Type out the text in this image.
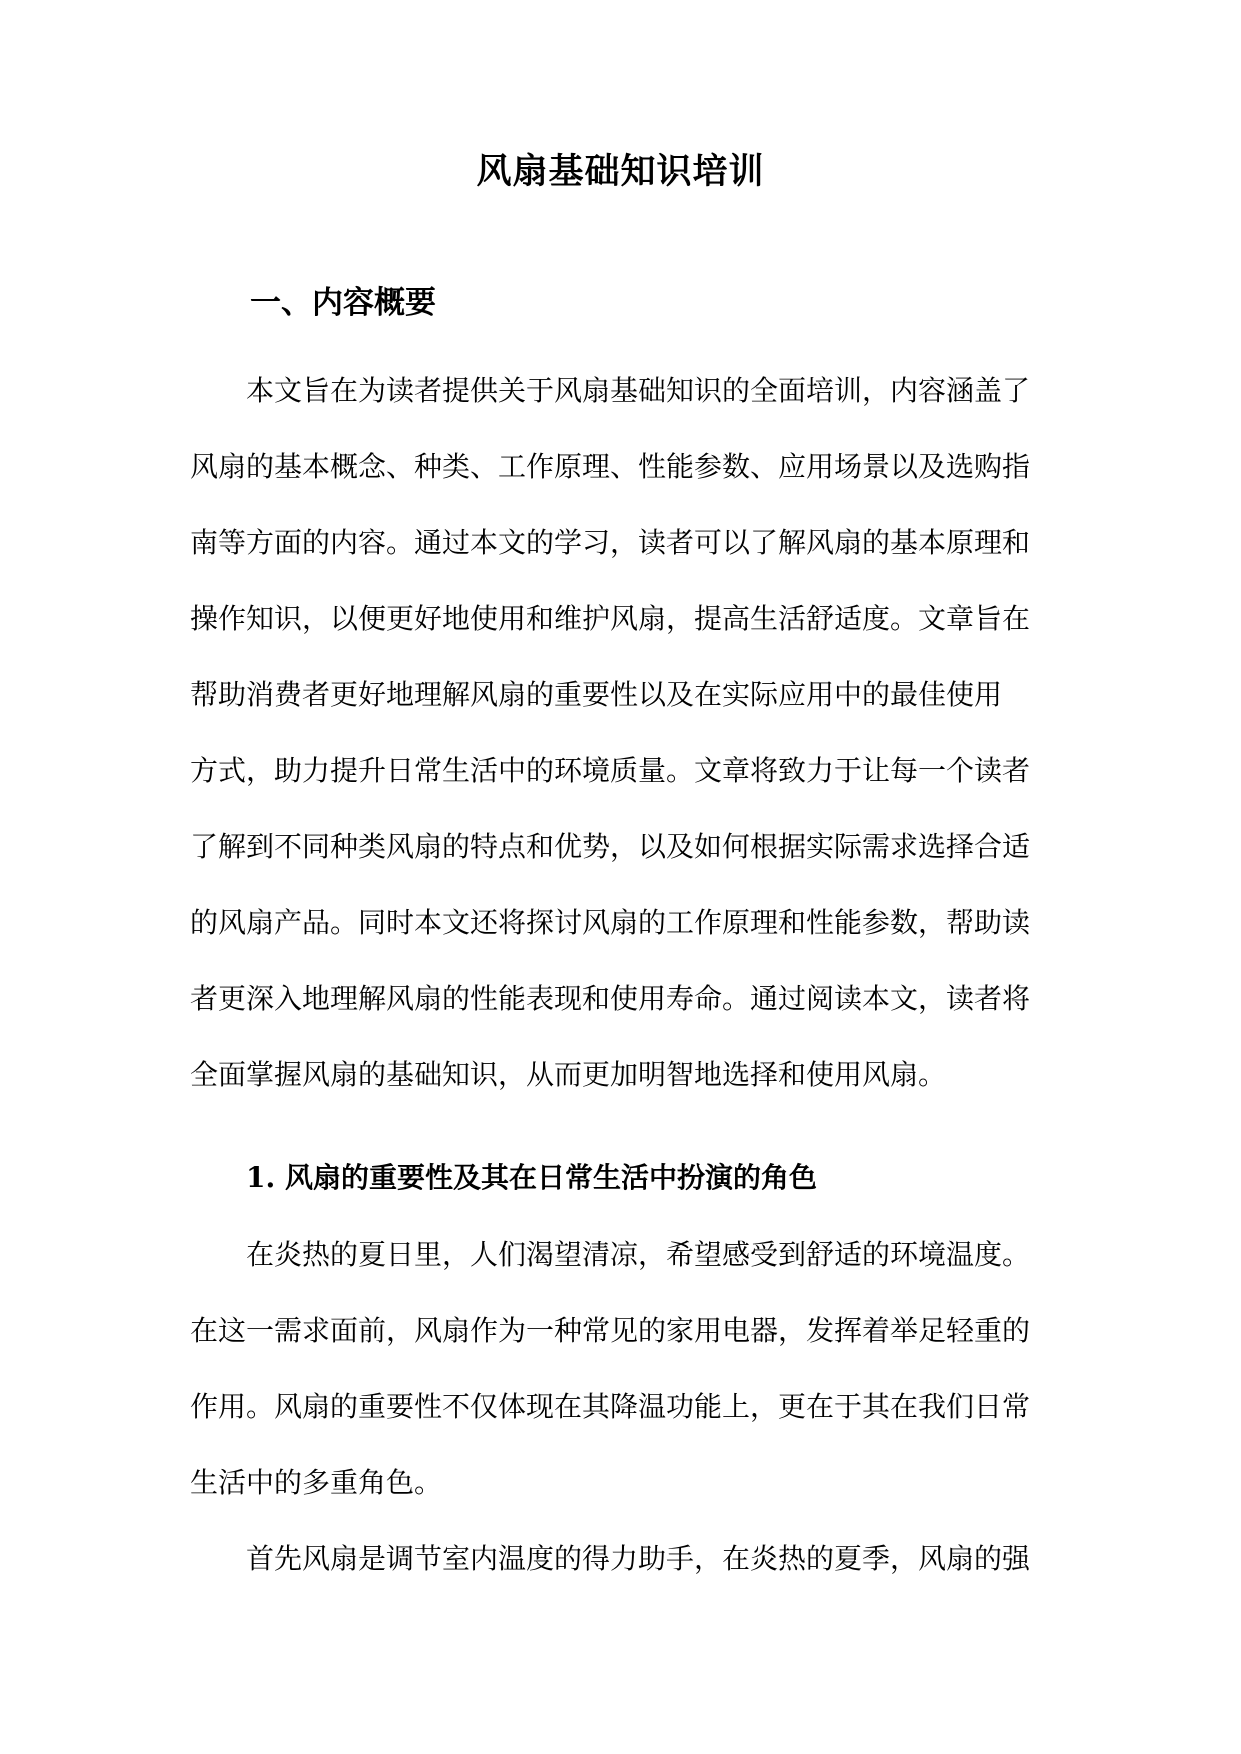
风扇基础知识培训
一、内容概要
本文旨在为读者提供关于风扇基础知识的全面培训，内容涵盖了
风扇的基本概念、种类、工作原理、性能参数、应用场景以及选购指
南等方面的内容。通过本文的学习，读者可以了解风扇的基本原理和
操作知识，以便更好地使用和维护风扇，提高生活舒适度。文章旨在
帮助消费者更好地理解风扇的重要性以及在实际应用中的最佳使用
方式，助力提升日常生活中的环境质量。文章将致力于让每一个读者
了解到不同种类风扇的特点和优势，以及如何根据实际需求选择合适
的风扇产品。同时本文还将探讨风扇的工作原理和性能参数，帮助读
者更深入地理解风扇的性能表现和使用寿命。通过阅读本文，读者将
全面掌握风扇的基础知识，从而更加明智地选择和使用风扇。
1. 风扇的重要性及其在日常生活中扮演的角色
在炎热的夏日里，人们渴望清凉，希望感受到舒适的环境温度。
在这一需求面前，风扇作为一种常见的家用电器，发挥着举足轻重的
作用。风扇的重要性不仅体现在其降温功能上，更在于其在我们日常
生活中的多重角色。
首先风扇是调节室内温度的得力助手，在炎热的夏季，风扇的强
